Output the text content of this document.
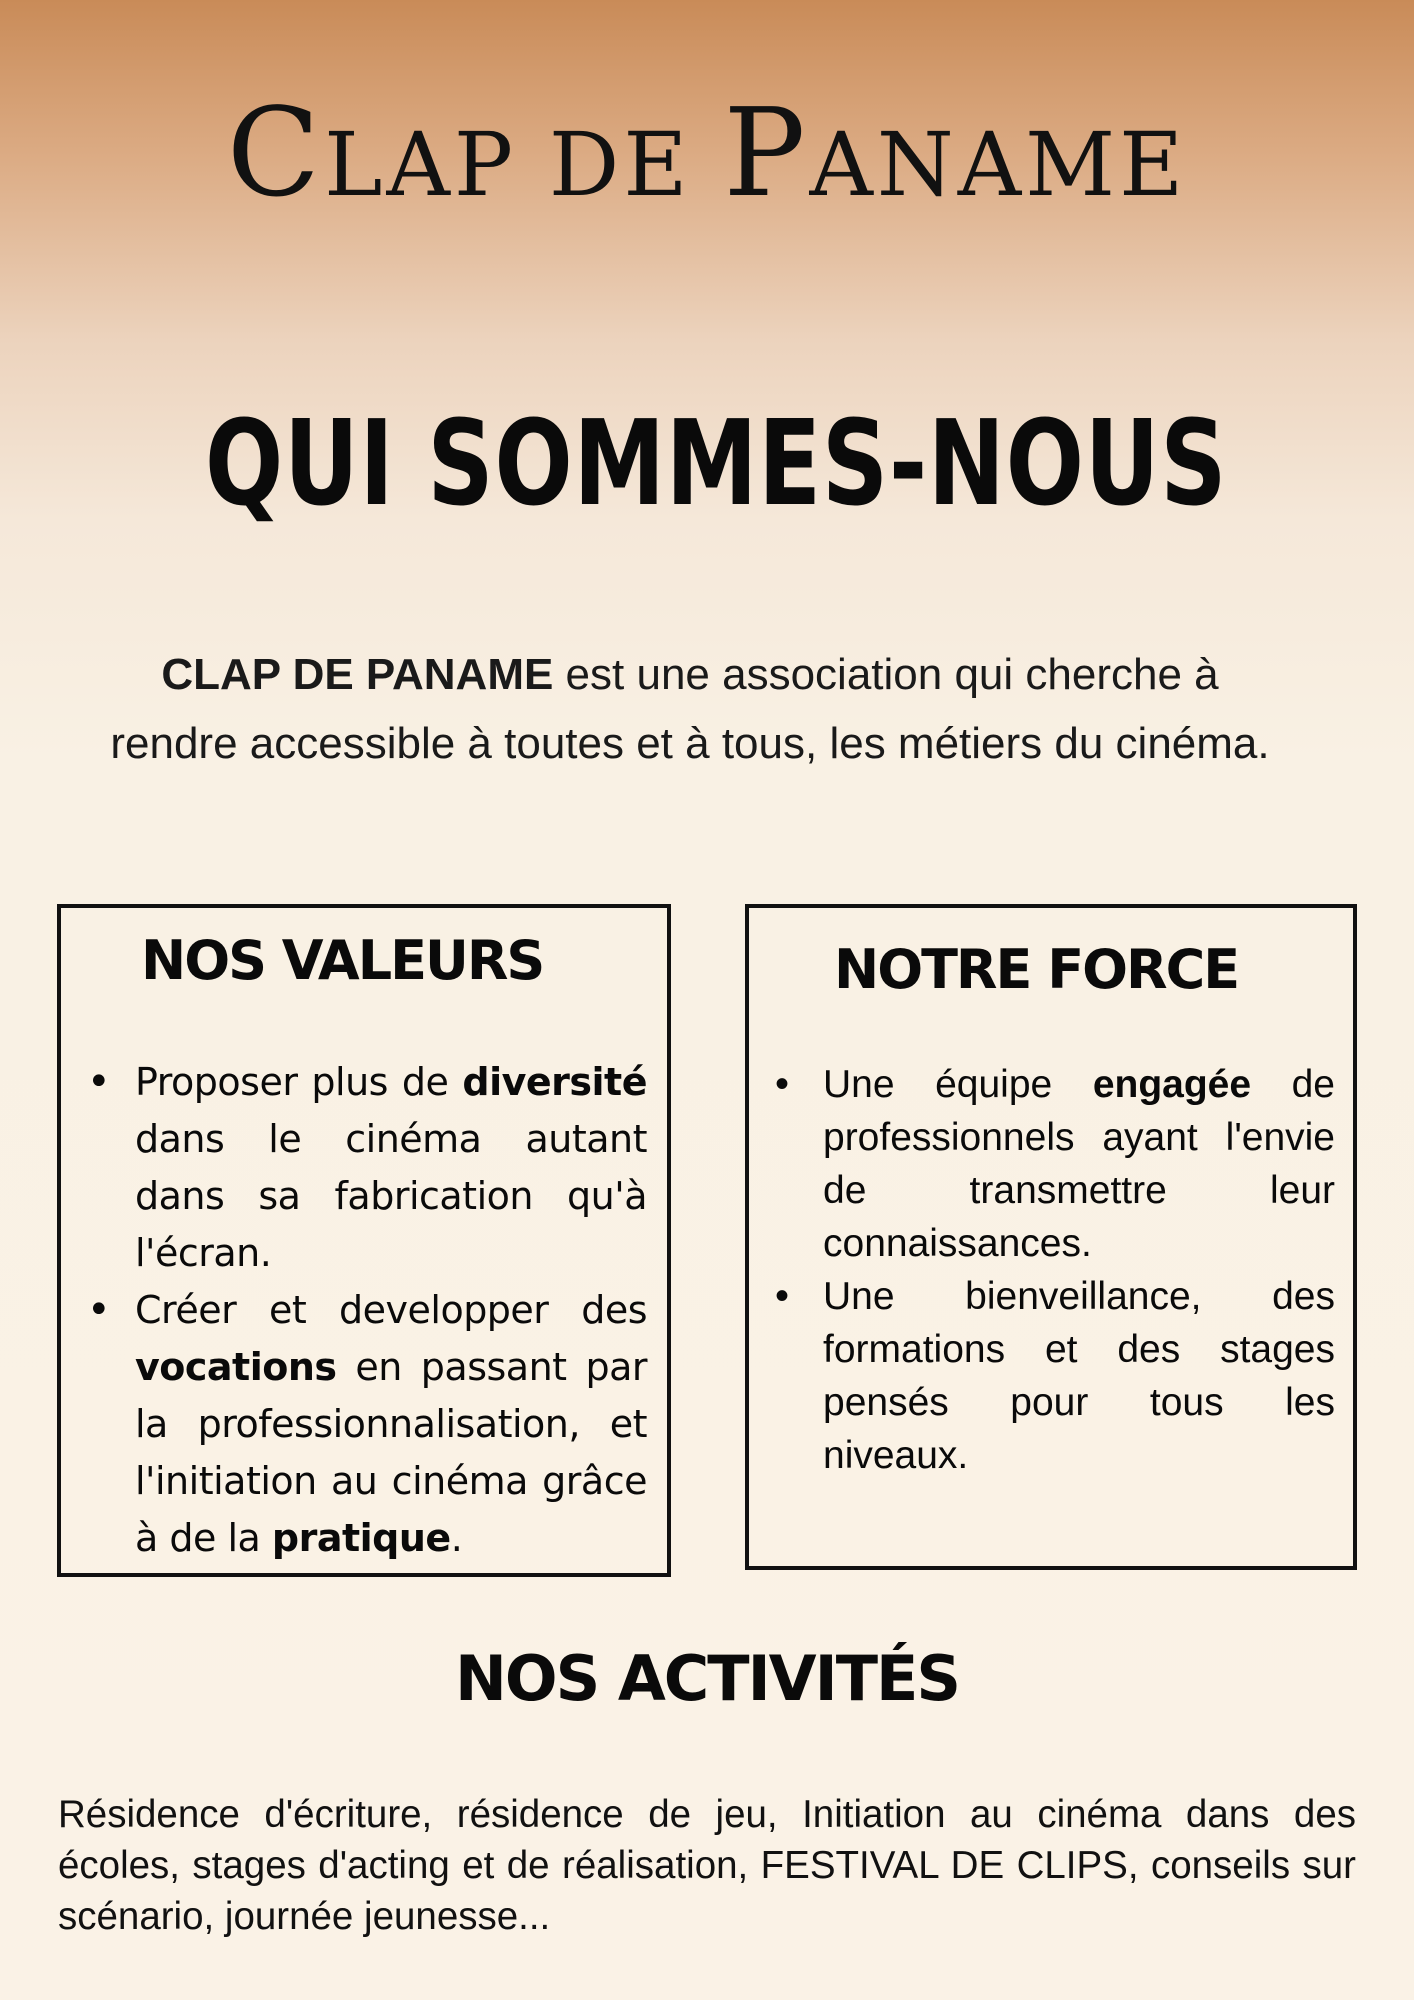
CLAP DE PANAME
QUI SOMMES-NOUS

CLAP DE PANAME est une association qui cherche à rendre accessible à toutes et à tous, les métiers du cinéma.

NOS VALEURS
• Proposer plus de diversité dans le cinéma autant dans sa fabrication qu'à l'écran.
• Créer et developper des vocations en passant par la professionnalisation, et l'initiation au cinéma grâce à de la pratique.
NOTRE FORCE
• Une équipe engagée de professionnels ayant l'envie de transmettre leur connaissances.
• Une bienveillance, des formations et des stages pensés pour tous les niveaux.
NOS ACTIVITÉS

Résidence d'écriture, résidence de jeu, Initiation au cinéma dans des écoles, stages d'acting et de réalisation, FESTIVAL DE CLIPS, conseils sur scénario, journée jeunesse...
